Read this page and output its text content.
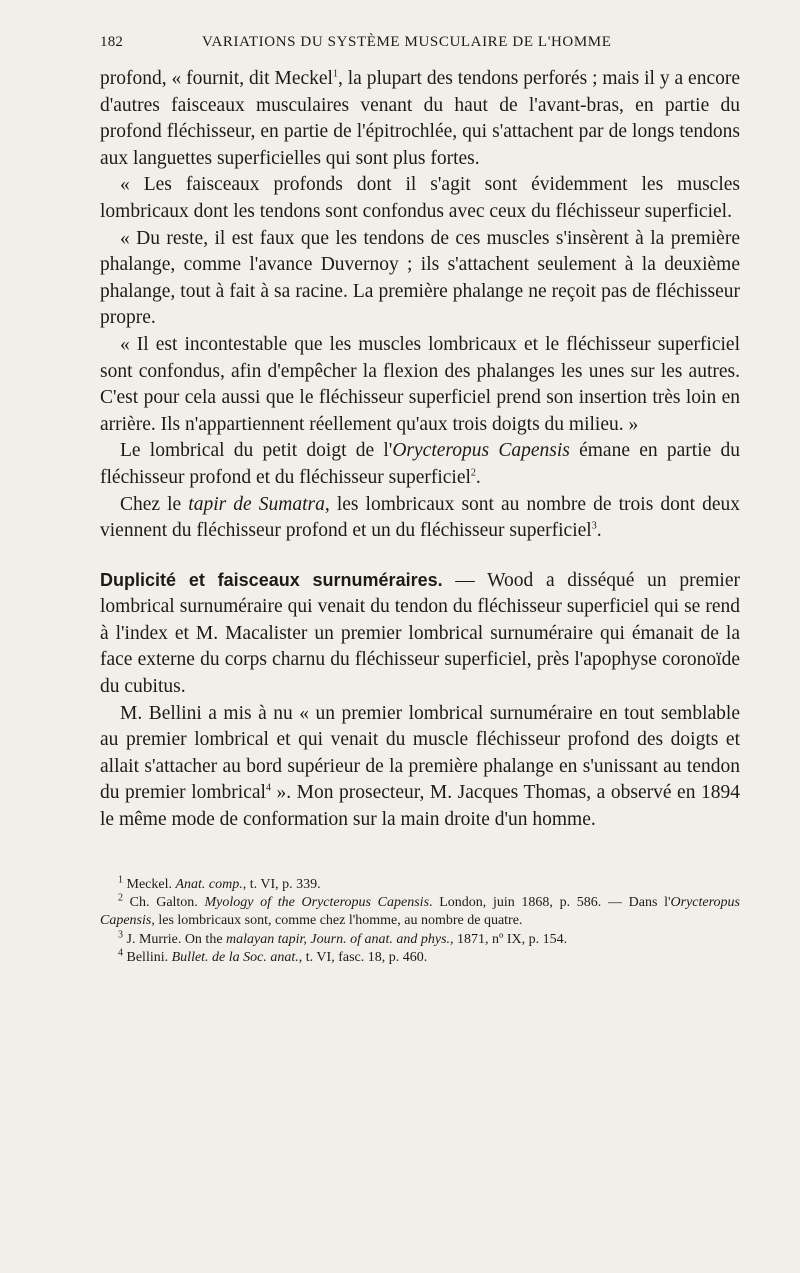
182	VARIATIONS DU SYSTÈME MUSCULAIRE DE L'HOMME

profond, « fournit, dit Meckel$^1$, la plupart des tendons perforés ; mais il y a encore d'autres faisceaux musculaires venant du haut de l'avant-bras, en partie du profond fléchisseur, en partie de l'épitrochlée, qui s'attachent par de longs tendons aux languettes superficielles qui sont plus fortes.

« Les faisceaux profonds dont il s'agit sont évidemment les muscles lombricaux dont les tendons sont confondus avec ceux du fléchisseur superficiel.

« Du reste, il est faux que les tendons de ces muscles s'insèrent à la première phalange, comme l'avance Duvernoy ; ils s'attachent seulement à la deuxième phalange, tout à fait à sa racine. La première phalange ne reçoit pas de fléchisseur propre.

« Il est incontestable que les muscles lombricaux et le fléchisseur superficiel sont confondus, afin d'empêcher la flexion des phalanges les unes sur les autres. C'est pour cela aussi que le fléchisseur superficiel prend son insertion très loin en arrière. Ils n'appartiennent réellement qu'aux trois doigts du milieu. »

Le lombrical du petit doigt de l'Orycteropus Capensis émane en partie du fléchisseur profond et du fléchisseur superficiel$^2$.

Chez le tapir de Sumatra, les lombricaux sont au nombre de trois dont deux viennent du fléchisseur profond et un du fléchisseur superficiel$^3$.

Duplicité et faisceaux surnuméraires. — Wood a disséqué un premier lombrical surnuméraire qui venait du tendon du fléchisseur superficiel qui se rend à l'index et M. Macalister un premier lombrical surnuméraire qui émanait de la face externe du corps charnu du fléchisseur superficiel, près l'apophyse coronoïde du cubitus.

M. Bellini a mis à nu « un premier lombrical surnuméraire en tout semblable au premier lombrical et qui venait du muscle fléchisseur profond des doigts et allait s'attacher au bord supérieur de la première phalange en s'unissant au tendon du premier lombrical$^4$ ». Mon prosecteur, M. Jacques Thomas, a observé en 1894 le même mode de conformation sur la main droite d'un homme.

$^1$ Meckel. Anat. comp., t. VI, p. 339.

$^2$ Ch. Galton. Myology of the Orycteropus Capensis. London, juin 1868, p. 586. — Dans l'Orycteropus Capensis, les lombricaux sont, comme chez l'homme, au nombre de quatre.

$^3$ J. Murrie. On the malayan tapir, Journ. of anat. and phys., 1871, nº IX, p. 154.

$^4$ Bellini. Bullet. de la Soc. anat., t. VI, fasc. 18, p. 460.
